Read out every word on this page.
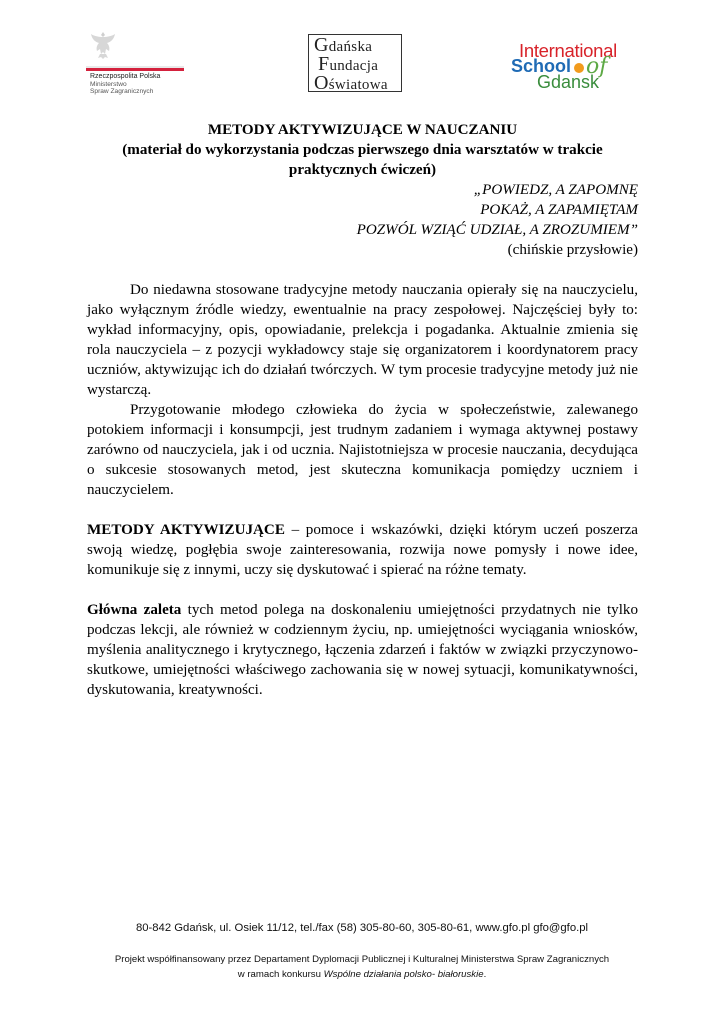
Rzeczpospolita Polska
Ministerstwo
Spraw Zagranicznych
Gdańska
Fundacja
Oświatowa
International
School of
Gdansk
METODY AKTYWIZUJĄCE W NAUCZANIU
(materiał do wykorzystania podczas pierwszego dnia warsztatów w trakcie
praktycznych ćwiczeń)
„POWIEDZ, A ZAPOMNĘ
POKAŻ, A ZAPAMIĘTAM
POZWÓL WZIĄĆ UDZIAŁ, A ZROZUMIEM”
(chińskie przysłowie)

Do niedawna stosowane tradycyjne metody nauczania opierały się na nauczycielu, jako wyłącznym źródle wiedzy, ewentualnie na pracy zespołowej. Najczęściej były to: wykład informacyjny, opis, opowiadanie, prelekcja i pogadanka. Aktualnie zmienia się rola nauczyciela – z pozycji wykładowcy staje się organizatorem i koordynatorem pracy uczniów, aktywizując ich do działań twórczych. W tym procesie tradycyjne metody już nie wystarczą.

Przygotowanie młodego człowieka do życia w społeczeństwie, zalewanego potokiem informacji i konsumpcji, jest trudnym zadaniem i wymaga aktywnej postawy zarówno od nauczyciela, jak i od ucznia. Najistotniejsza w procesie nauczania, decydująca o sukcesie stosowanych metod, jest skuteczna komunikacja pomiędzy uczniem i nauczycielem.

METODY AKTYWIZUJĄCE – pomoce i wskazówki, dzięki którym uczeń poszerza swoją wiedzę, pogłębia swoje zainteresowania, rozwija nowe pomysły i nowe idee, komunikuje się z innymi, uczy się dyskutować i spierać na różne tematy.

Główna zaleta tych metod polega na doskonaleniu umiejętności przydatnych nie tylko podczas lekcji, ale również w codziennym życiu, np. umiejętności wyciągania wniosków, myślenia analitycznego i krytycznego, łączenia zdarzeń i faktów w związki przyczynowo-skutkowe, umiejętności właściwego zachowania się w nowej sytuacji, komunikatywności, dyskutowania, kreatywności.

80-842 Gdańsk, ul. Osiek 11/12, tel./fax (58) 305-80-60, 305-80-61, www.gfo.pl gfo@gfo.pl
Projekt współfinansowany przez Departament Dyplomacji Publicznej i Kulturalnej Ministerstwa Spraw Zagranicznych
w ramach konkursu Wspólne działania polsko- białoruskie.
